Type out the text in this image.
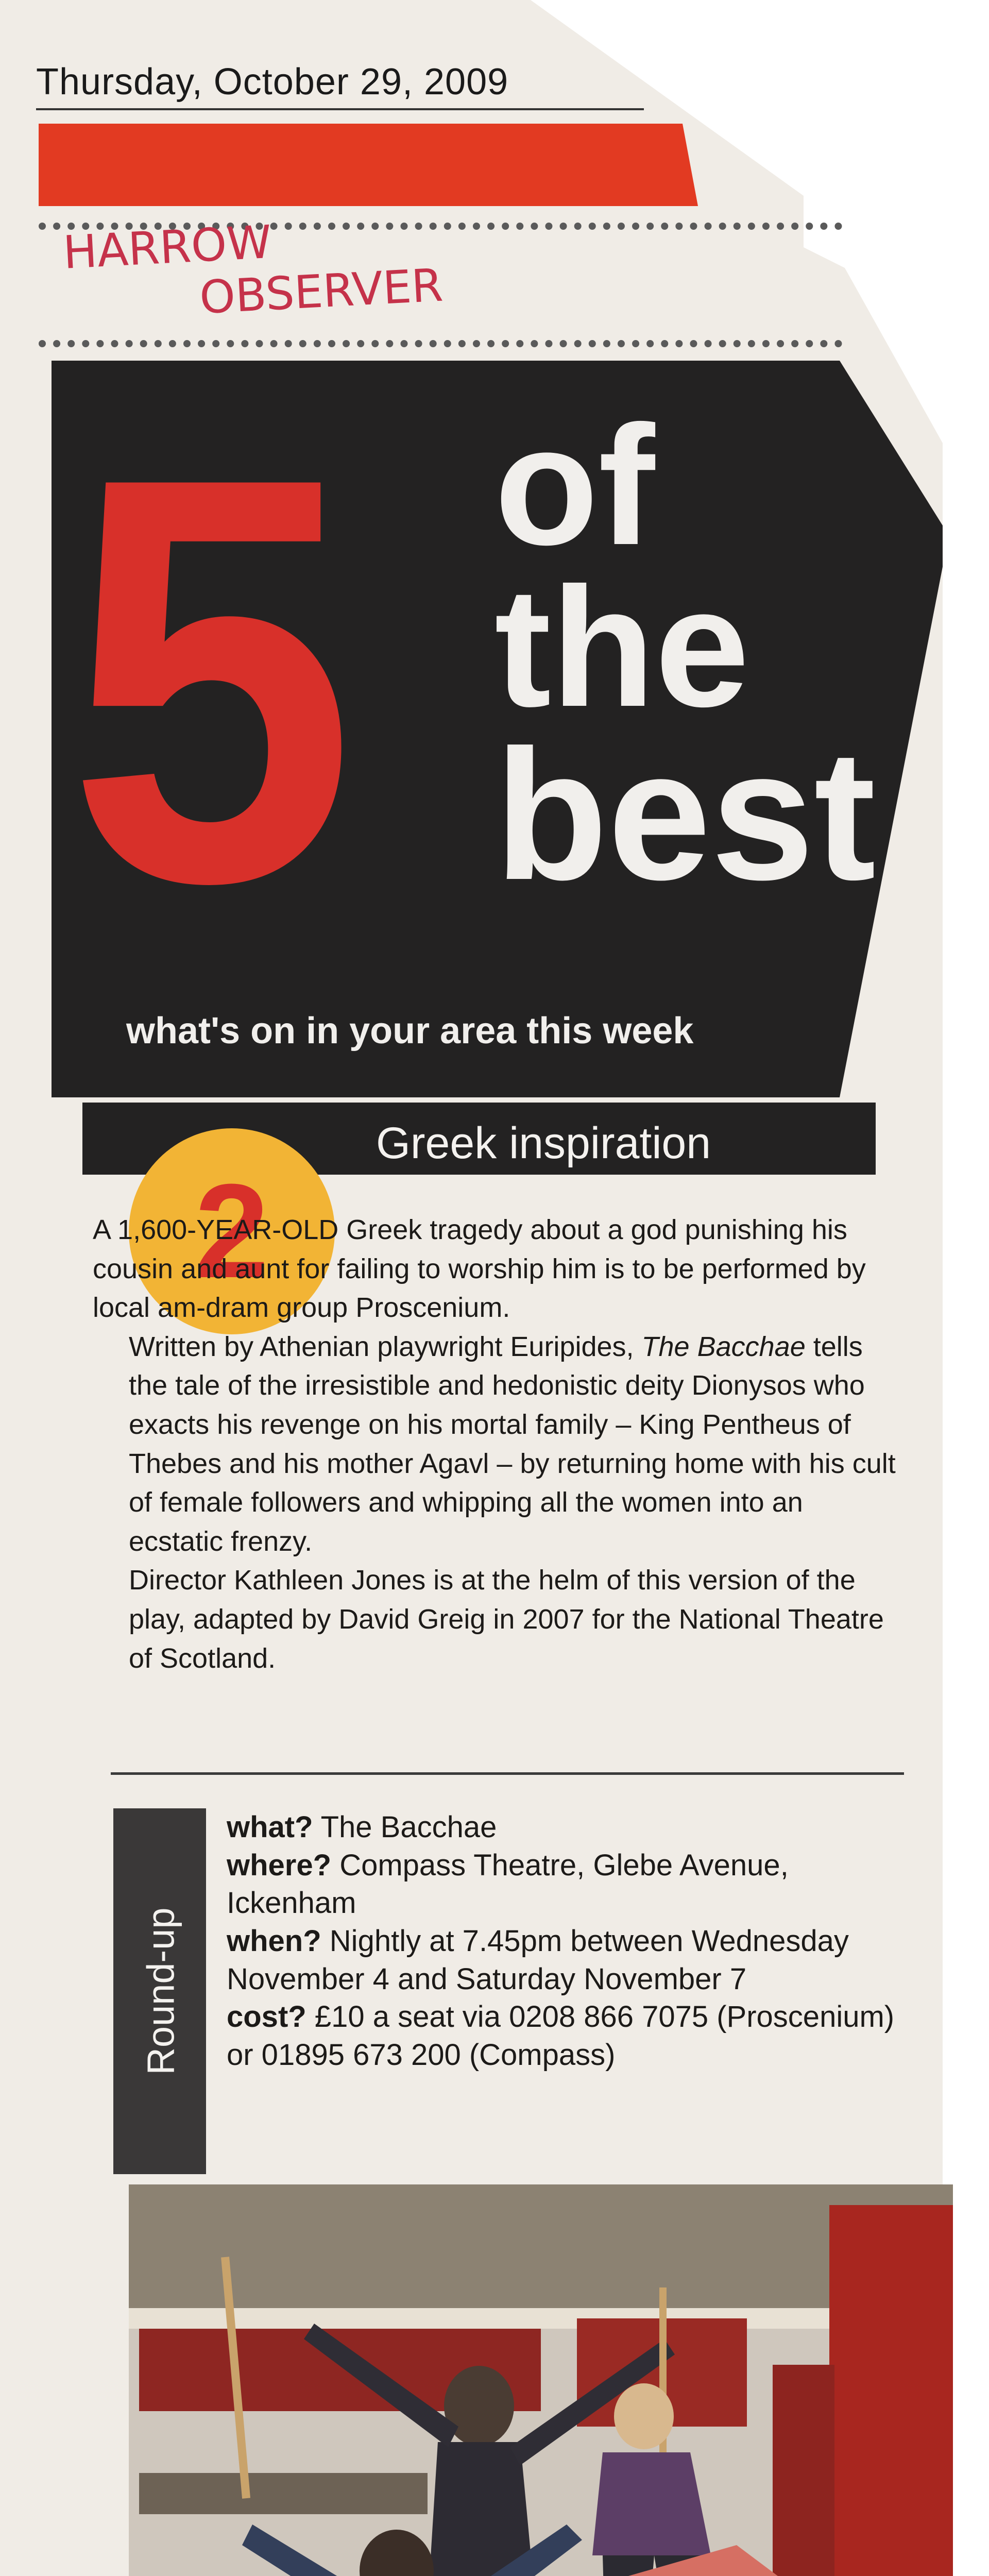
Thursday, October 29, 2009
HARROW
OBSERVER
5 of
the
best
what's on in your area this week
Greek inspiration
2

A 1,600-YEAR-OLD Greek tragedy about a god punishing his cousin and aunt for failing to worship him is to be performed by local am-dram group Proscenium.

Written by Athenian playwright Euripides, The Bacchae tells the tale of the irresistible and hedonistic deity Dionysos who exacts his revenge on his mortal family – King Pentheus of Thebes and his mother Agavl – by returning home with his cult of female followers and whipping all the women into an ecstatic frenzy.

Director Kathleen Jones is at the helm of this version of the play, adapted by David Greig in 2007 for the National Theatre of Scotland.

Round-up

what? The Bacchae

where? Compass Theatre, Glebe Avenue, Ickenham

when? Nightly at 7.45pm between Wednesday November 4 and Saturday November 7

cost? £10 a seat via 0208 866 7075 (Proscenium) or 01895 673 200 (Compass)
